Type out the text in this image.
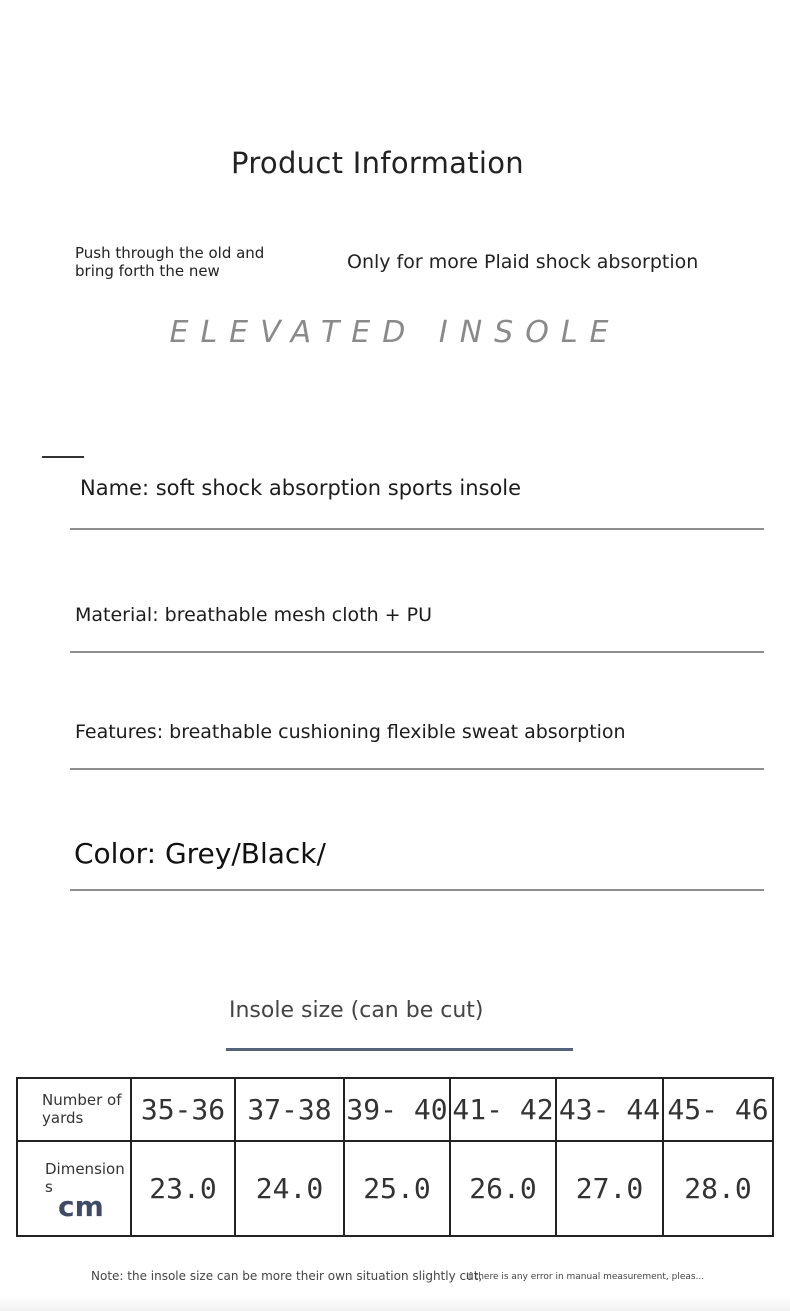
Product Information
Push through the old and bring forth the new	Only for more Plaid shock absorption
ELEVATED INSOLE
Name: soft shock absorption sports insole
Material: breathable mesh cloth + PU
Features: breathable cushioning flexible sweat absorption
Color: Grey/Black/
Insole size (can be cut)
Number of yards	35-36	37-38	39- 40	41- 42	43- 44	45- 46

Dimensions
cm	23.0	24.0	25.0	26.0	27.0	28.0
Note: the insole size can be more their own situation slightly cut,
If there is any error in manual measurement, pleas...
